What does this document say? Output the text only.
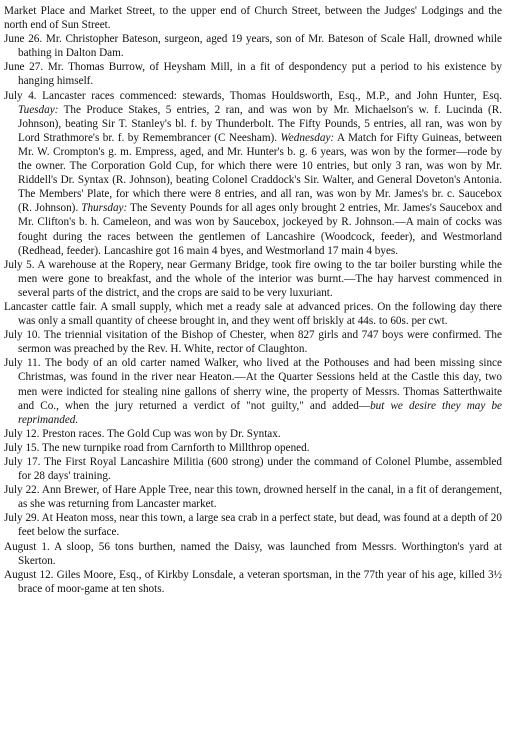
Market Place and Market Street, to the upper end of Church Street, between the Judges' Lodgings and the north end of Sun Street.

June 26. Mr. Christopher Bateson, surgeon, aged 19 years, son of Mr. Bateson of Scale Hall, drowned while bathing in Dalton Dam.

June 27. Mr. Thomas Burrow, of Heysham Mill, in a fit of despondency put a period to his existence by hanging himself.

July 4. Lancaster races commenced: stewards, Thomas Houldsworth, Esq., M.P., and John Hunter, Esq. Tuesday: The Produce Stakes, 5 entries, 2 ran, and was won by Mr. Michaelson's w. f. Lucinda (R. Johnson), beating Sir T. Stanley's bl. f. by Thunderbolt. The Fifty Pounds, 5 entries, all ran, was won by Lord Strathmore's br. f. by Remembrancer (C Neesham). Wednesday: A Match for Fifty Guineas, between Mr. W. Crompton's g. m. Empress, aged, and Mr. Hunter's b. g. 6 years, was won by the former—rode by the owner. The Corporation Gold Cup, for which there were 10 entries, but only 3 ran, was won by Mr. Riddell's Dr. Syntax (R. Johnson), beating Colonel Craddock's Sir. Walter, and General Doveton's Antonia. The Members' Plate, for which there were 8 entries, and all ran, was won by Mr. James's br. c. Saucebox (R. Johnson). Thursday: The Seventy Pounds for all ages only brought 2 entries, Mr. James's Saucebox and Mr. Clifton's b. h. Cameleon, and was won by Saucebox, jockeyed by R. Johnson.—A main of cocks was fought during the races between the gentlemen of Lancashire (Woodcock, feeder), and Westmorland (Redhead, feeder). Lancashire got 16 main 4 byes, and Westmorland 17 main 4 byes.

July 5. A warehouse at the Ropery, near Germany Bridge, took fire owing to the tar boiler bursting while the men were gone to breakfast, and the whole of the interior was burnt.—The hay harvest commenced in several parts of the district, and the crops are said to be very luxuriant.

Lancaster cattle fair. A small supply, which met a ready sale at advanced prices. On the following day there was only a small quantity of cheese brought in, and they went off briskly at 44s. to 60s. per cwt.

July 10. The triennial visitation of the Bishop of Chester, when 827 girls and 747 boys were confirmed. The sermon was preached by the Rev. H. White, rector of Claughton.

July 11. The body of an old carter named Walker, who lived at the Pothouses and had been missing since Christmas, was found in the river near Heaton.—At the Quarter Sessions held at the Castle this day, two men were indicted for stealing nine gallons of sherry wine, the property of Messrs. Thomas Satterthwaite and Co., when the jury returned a verdict of "not guilty," and added—but we desire they may be reprimanded.

July 12. Preston races. The Gold Cup was won by Dr. Syntax.

July 15. The new turnpike road from Carnforth to Millthrop opened.

July 17. The First Royal Lancashire Militia (600 strong) under the command of Colonel Plumbe, assembled for 28 days' training.

July 22. Ann Brewer, of Hare Apple Tree, near this town, drowned herself in the canal, in a fit of derangement, as she was returning from Lancaster market.

July 29. At Heaton moss, near this town, a large sea crab in a perfect state, but dead, was found at a depth of 20 feet below the surface.

August 1. A sloop, 56 tons burthen, named the Daisy, was launched from Messrs. Worthington's yard at Skerton.

August 12. Giles Moore, Esq., of Kirkby Lonsdale, a veteran sportsman, in the 77th year of his age, killed 3½ brace of moor-game at ten shots.
